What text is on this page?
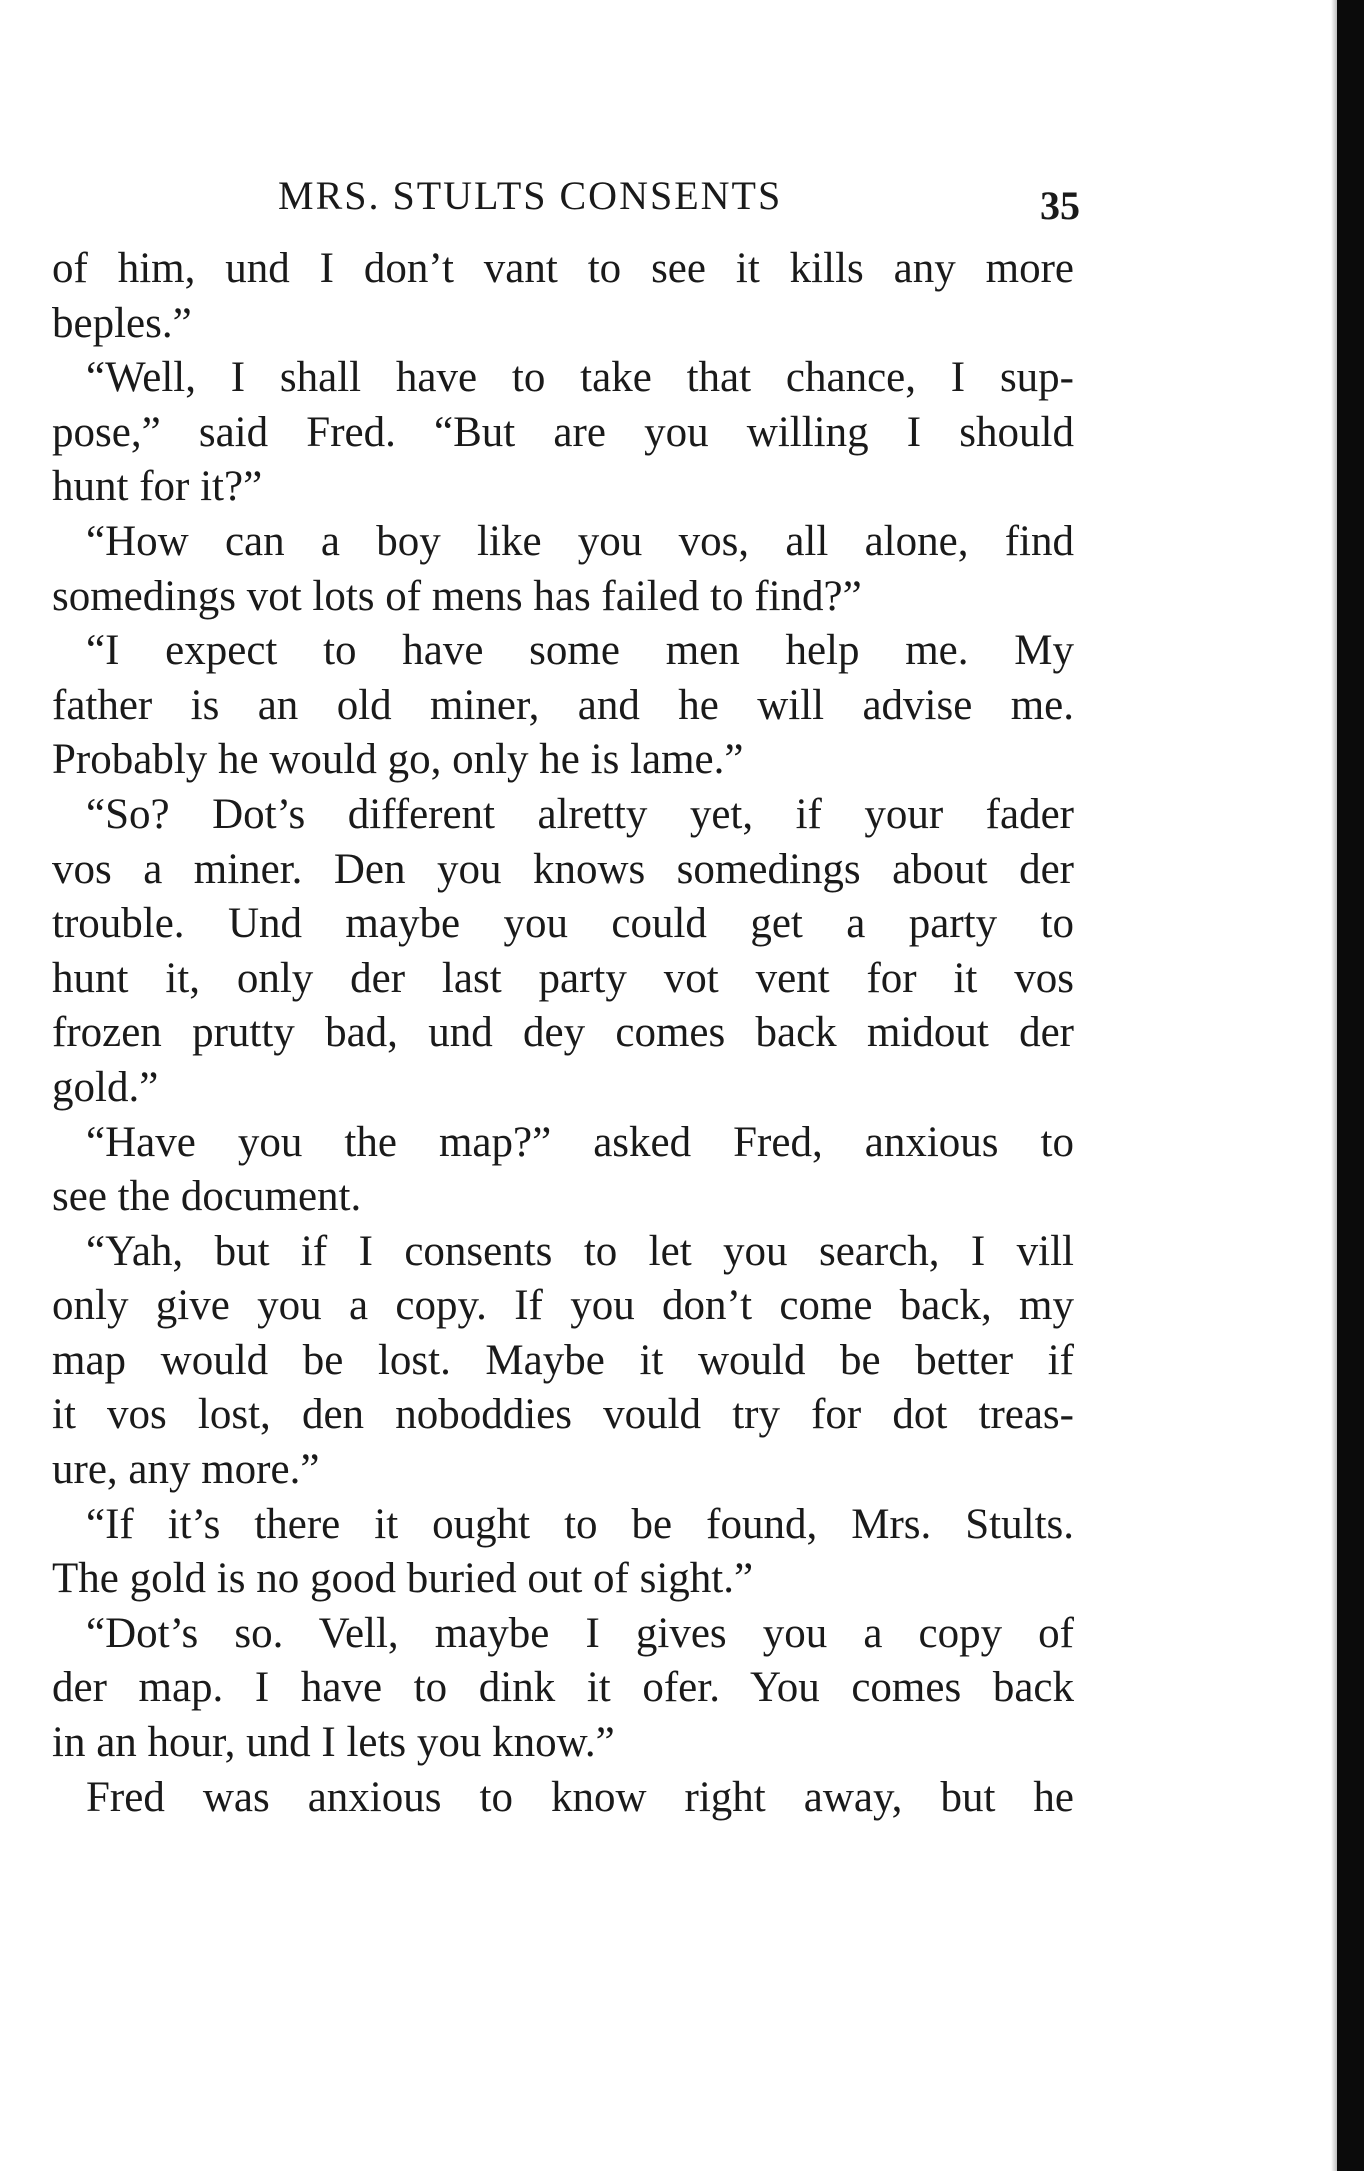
MRS. STULTS CONSENTS	35
of him, und I don’t vant to see it kills any more
beples.”
“Well, I shall have to take that chance, I sup-
pose,” said Fred. “But are you willing I should
hunt for it?”
“How can a boy like you vos, all alone, find
somedings vot lots of mens has failed to find?”
“I expect to have some men help me. My
father is an old miner, and he will advise me.
Probably he would go, only he is lame.”
“So? Dot’s different alretty yet, if your fader
vos a miner. Den you knows somedings about der
trouble. Und maybe you could get a party to
hunt it, only der last party vot vent for it vos
frozen prutty bad, und dey comes back midout der
gold.”
“Have you the map?” asked Fred, anxious to
see the document.
“Yah, but if I consents to let you search, I vill
only give you a copy. If you don’t come back, my
map would be lost. Maybe it would be better if
it vos lost, den noboddies vould try for dot treas-
ure, any more.”
“If it’s there it ought to be found, Mrs. Stults.
The gold is no good buried out of sight.”
“Dot’s so. Vell, maybe I gives you a copy of
der map. I have to dink it ofer. You comes back
in an hour, und I lets you know.”
Fred was anxious to know right away, but he
